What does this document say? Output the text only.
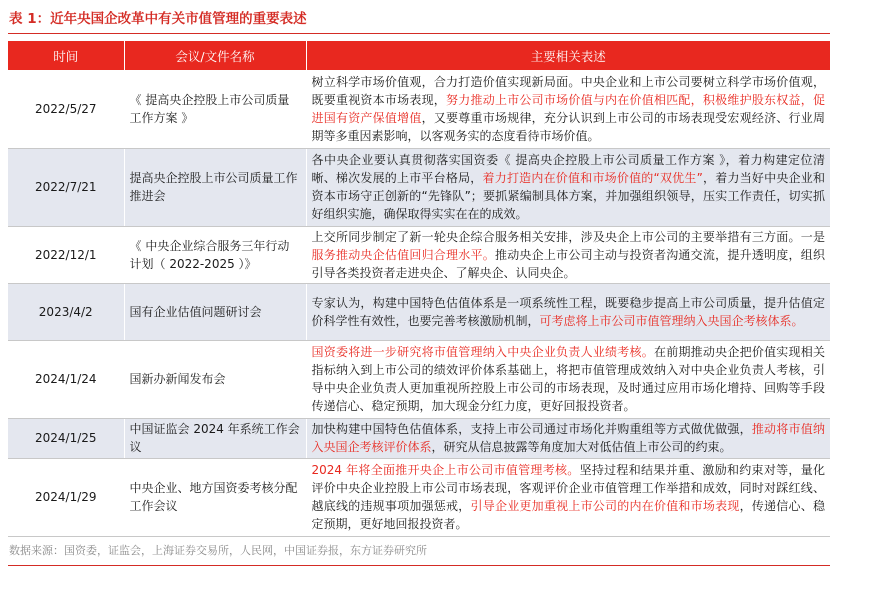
表 1：近年央国企改革中有关市值管理的重要表述
时间	会议/文件名称	主要相关表述
2022/5/27	《 提高央企控股上市公司质量工作方案 》	树立科学市场价值观，合力打造价值实现新局面。中央企业和上市公司要树立科学市场价值观，既要重视资本市场表现，努力推动上市公司市场价值与内在价值相匹配，积极维护股东权益，促进国有资产保值增值，又要尊重市场规律，充分认识到上市公司的市场表现受宏观经济、行业周期等多重因素影响，以客观务实的态度看待市场价值。
2022/7/21	提高央企控股上市公司质量工作推进会	各中央企业要认真贯彻落实国资委《 提高央企控股上市公司质量工作方案 》，着力构建定位清晰、梯次发展的上市平台格局，着力打造内在价值和市场价值的“双优生”，着力当好中央企业和资本市场守正创新的“先锋队”；要抓紧编制具体方案，并加强组织领导，压实工作责任，切实抓好组织实施，确保取得实实在在的成效。
2022/12/1	《 中央企业综合服务三年行动计划（ 2022-2025 ）》	上交所同步制定了新一轮央企综合服务相关安排，涉及央企上市公司的主要举措有三方面。一是服务推动央企估值回归合理水平。推动央企上市公司主动与投资者沟通交流，提升透明度，组织引导各类投资者走进央企、了解央企、认同央企。
2023/4/2	国有企业估值问题研讨会	专家认为，构建中国特色估值体系是一项系统性工程，既要稳步提高上市公司质量，提升估值定价科学性有效性，也要完善考核激励机制，可考虑将上市公司市值管理纳入央国企考核体系。
2024/1/24	国新办新闻发布会	国资委将进一步研究将市值管理纳入中央企业负责人业绩考核。在前期推动央企把价值实现相关指标纳入到上市公司的绩效评价体系基础上，将把市值管理成效纳入对中央企业负责人考核，引导中央企业负责人更加重视所控股上市公司的市场表现，及时通过应用市场化增持、回购等手段传递信心、稳定预期，加大现金分红力度，更好回报投资者。
2024/1/25	中国证监会 2024 年系统工作会议	加快构建中国特色估值体系，支持上市公司通过市场化并购重组等方式做优做强，推动将市值纳入央国企考核评价体系，研究从信息披露等角度加大对低估值上市公司的约束。
2024/1/29	中央企业、地方国资委考核分配工作会议	2024 年将全面推开央企上市公司市值管理考核。坚持过程和结果并重、激励和约束对等，量化评价中央企业控股上市公司市场表现，客观评价企业市值管理工作举措和成效，同时对踩红线、越底线的违规事项加强惩戒，引导企业更加重视上市公司的内在价值和市场表现，传递信心、稳定预期，更好地回报投资者。
数据来源：国资委，证监会，上海证券交易所，人民网，中国证券报，东方证券研究所
